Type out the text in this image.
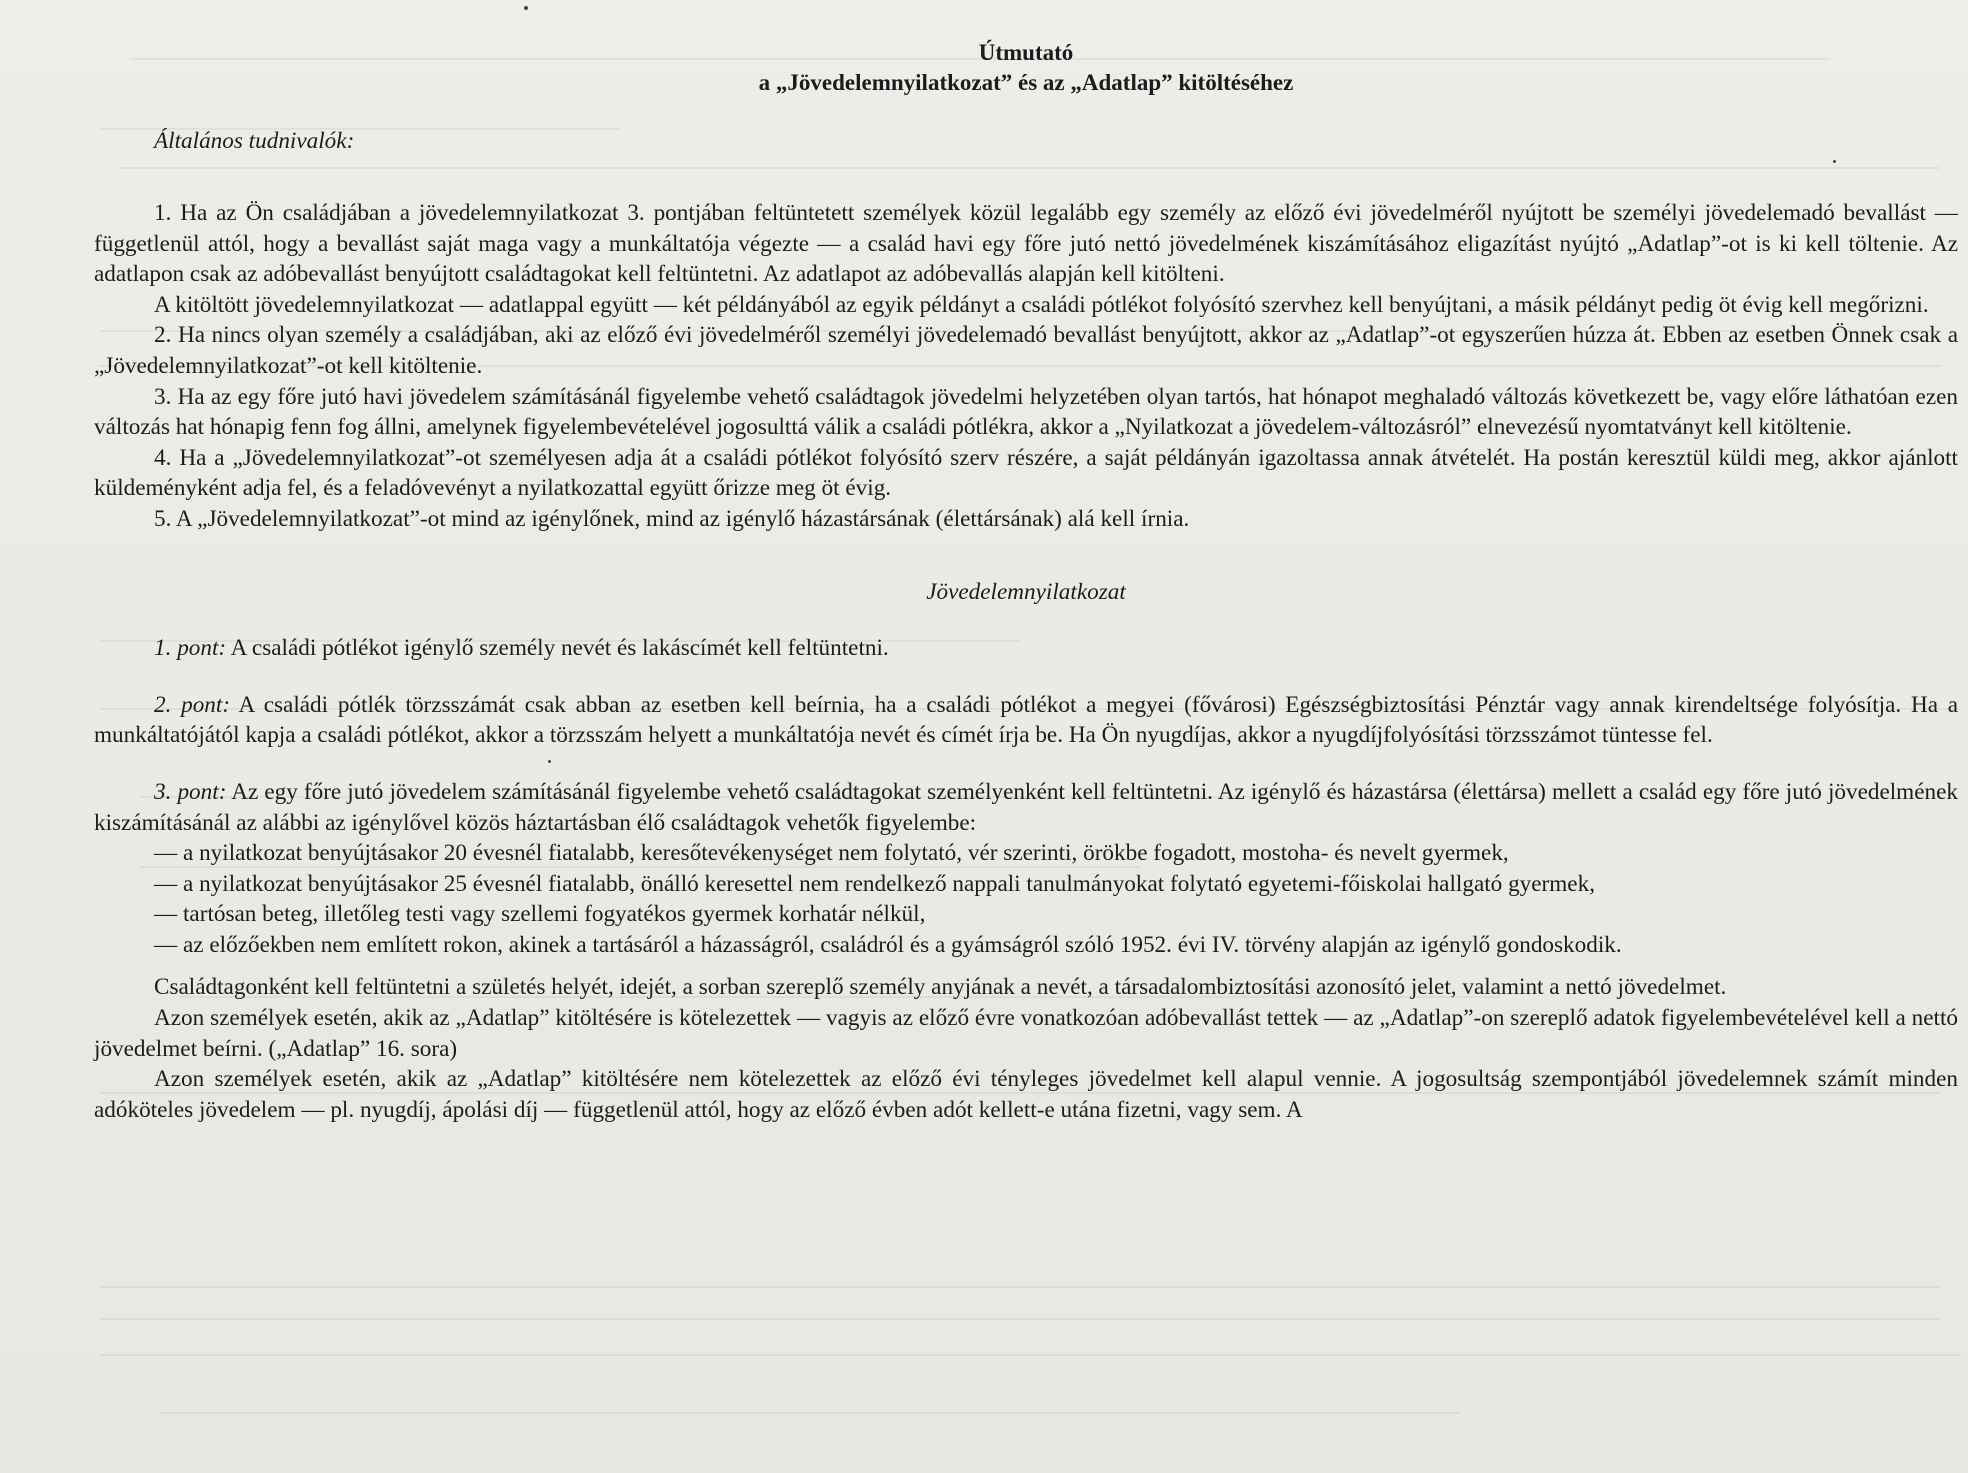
Útmutató
a „Jövedelemnyilatkozat” és az „Adatlap” kitöltéséhez
Általános tudnivalók:

1. Ha az Ön családjában a jövedelemnyilatkozat 3. pontjában feltüntetett személyek közül legalább egy személy az előző évi jövedelméről nyújtott be személyi jövedelemadó bevallást — függetlenül attól, hogy a bevallást saját maga vagy a munkáltatója végezte — a család havi egy főre jutó nettó jövedelmének kiszámításához eligazítást nyújtó „Adatlap”-ot is ki kell töltenie. Az adatlapon csak az adóbevallást benyújtott családtagokat kell feltüntetni. Az adatlapot az adóbevallás alapján kell kitölteni.

A kitöltött jövedelemnyilatkozat — adatlappal együtt — két példányából az egyik példányt a családi pótlékot folyósító szervhez kell benyújtani, a másik példányt pedig öt évig kell megőrizni.

2. Ha nincs olyan személy a családjában, aki az előző évi jövedelméről személyi jövedelemadó bevallást benyújtott, akkor az „Adatlap”-ot egyszerűen húzza át. Ebben az esetben Önnek csak a „Jövedelemnyilatkozat”-ot kell kitöltenie.

3. Ha az egy főre jutó havi jövedelem számításánál figyelembe vehető családtagok jövedelmi helyzetében olyan tartós, hat hónapot meghaladó változás következett be, vagy előre láthatóan ezen változás hat hónapig fenn fog állni, amelynek figyelembevételével jogosulttá válik a családi pótlékra, akkor a „Nyilatkozat a jövedelem-változásról” elnevezésű nyomtatványt kell kitöltenie.

4. Ha a „Jövedelemnyilatkozat”-ot személyesen adja át a családi pótlékot folyósító szerv részére, a saját példányán igazoltassa annak átvételét. Ha postán keresztül küldi meg, akkor ajánlott küldeményként adja fel, és a feladóvevényt a nyilatkozattal együtt őrizze meg öt évig.

5. A „Jövedelemnyilatkozat”-ot mind az igénylőnek, mind az igénylő házastársának (élettársának) alá kell írnia.

Jövedelemnyilatkozat

1. pont: A családi pótlékot igénylő személy nevét és lakáscímét kell feltüntetni.

2. pont: A családi pótlék törzsszámát csak abban az esetben kell beírnia, ha a családi pótlékot a megyei (fővárosi) Egészségbiztosítási Pénztár vagy annak kirendeltsége folyósítja. Ha a munkáltatójától kapja a családi pótlékot, akkor a törzsszám helyett a munkáltatója nevét és címét írja be. Ha Ön nyugdíjas, akkor a nyugdíjfolyósítási törzsszámot tüntesse fel.

3. pont: Az egy főre jutó jövedelem számításánál figyelembe vehető családtagokat személyenként kell feltüntetni. Az igénylő és házastársa (élettársa) mellett a család egy főre jutó jövedelmének kiszámításánál az alábbi az igénylővel közös háztartásban élő családtagok vehetők figyelembe:

— a nyilatkozat benyújtásakor 20 évesnél fiatalabb, keresőtevékenységet nem folytató, vér szerinti, örökbe fogadott, mostoha- és nevelt gyermek,

— a nyilatkozat benyújtásakor 25 évesnél fiatalabb, önálló keresettel nem rendelkező nappali tanulmányokat folytató egyetemi-főiskolai hallgató gyermek,

— tartósan beteg, illetőleg testi vagy szellemi fogyatékos gyermek korhatár nélkül,

— az előzőekben nem említett rokon, akinek a tartásáról a házasságról, családról és a gyámságról szóló 1952. évi IV. törvény alapján az igénylő gondoskodik.

Családtagonként kell feltüntetni a születés helyét, idejét, a sorban szereplő személy anyjának a nevét, a társadalombiztosítási azonosító jelet, valamint a nettó jövedelmet.

Azon személyek esetén, akik az „Adatlap” kitöltésére is kötelezettek — vagyis az előző évre vonatkozóan adóbevallást tettek — az „Adatlap”-on szereplő adatok figyelembevételével kell a nettó jövedelmet beírni. („Adatlap” 16. sora)

Azon személyek esetén, akik az „Adatlap” kitöltésére nem kötelezettek az előző évi tényleges jövedelmet kell alapul vennie. A jogosultság szempontjából jövedelemnek számít minden adóköteles jövedelem — pl. nyugdíj, ápolási díj — függetlenül attól, hogy az előző évben adót kellett-e utána fizetni, vagy sem. A
